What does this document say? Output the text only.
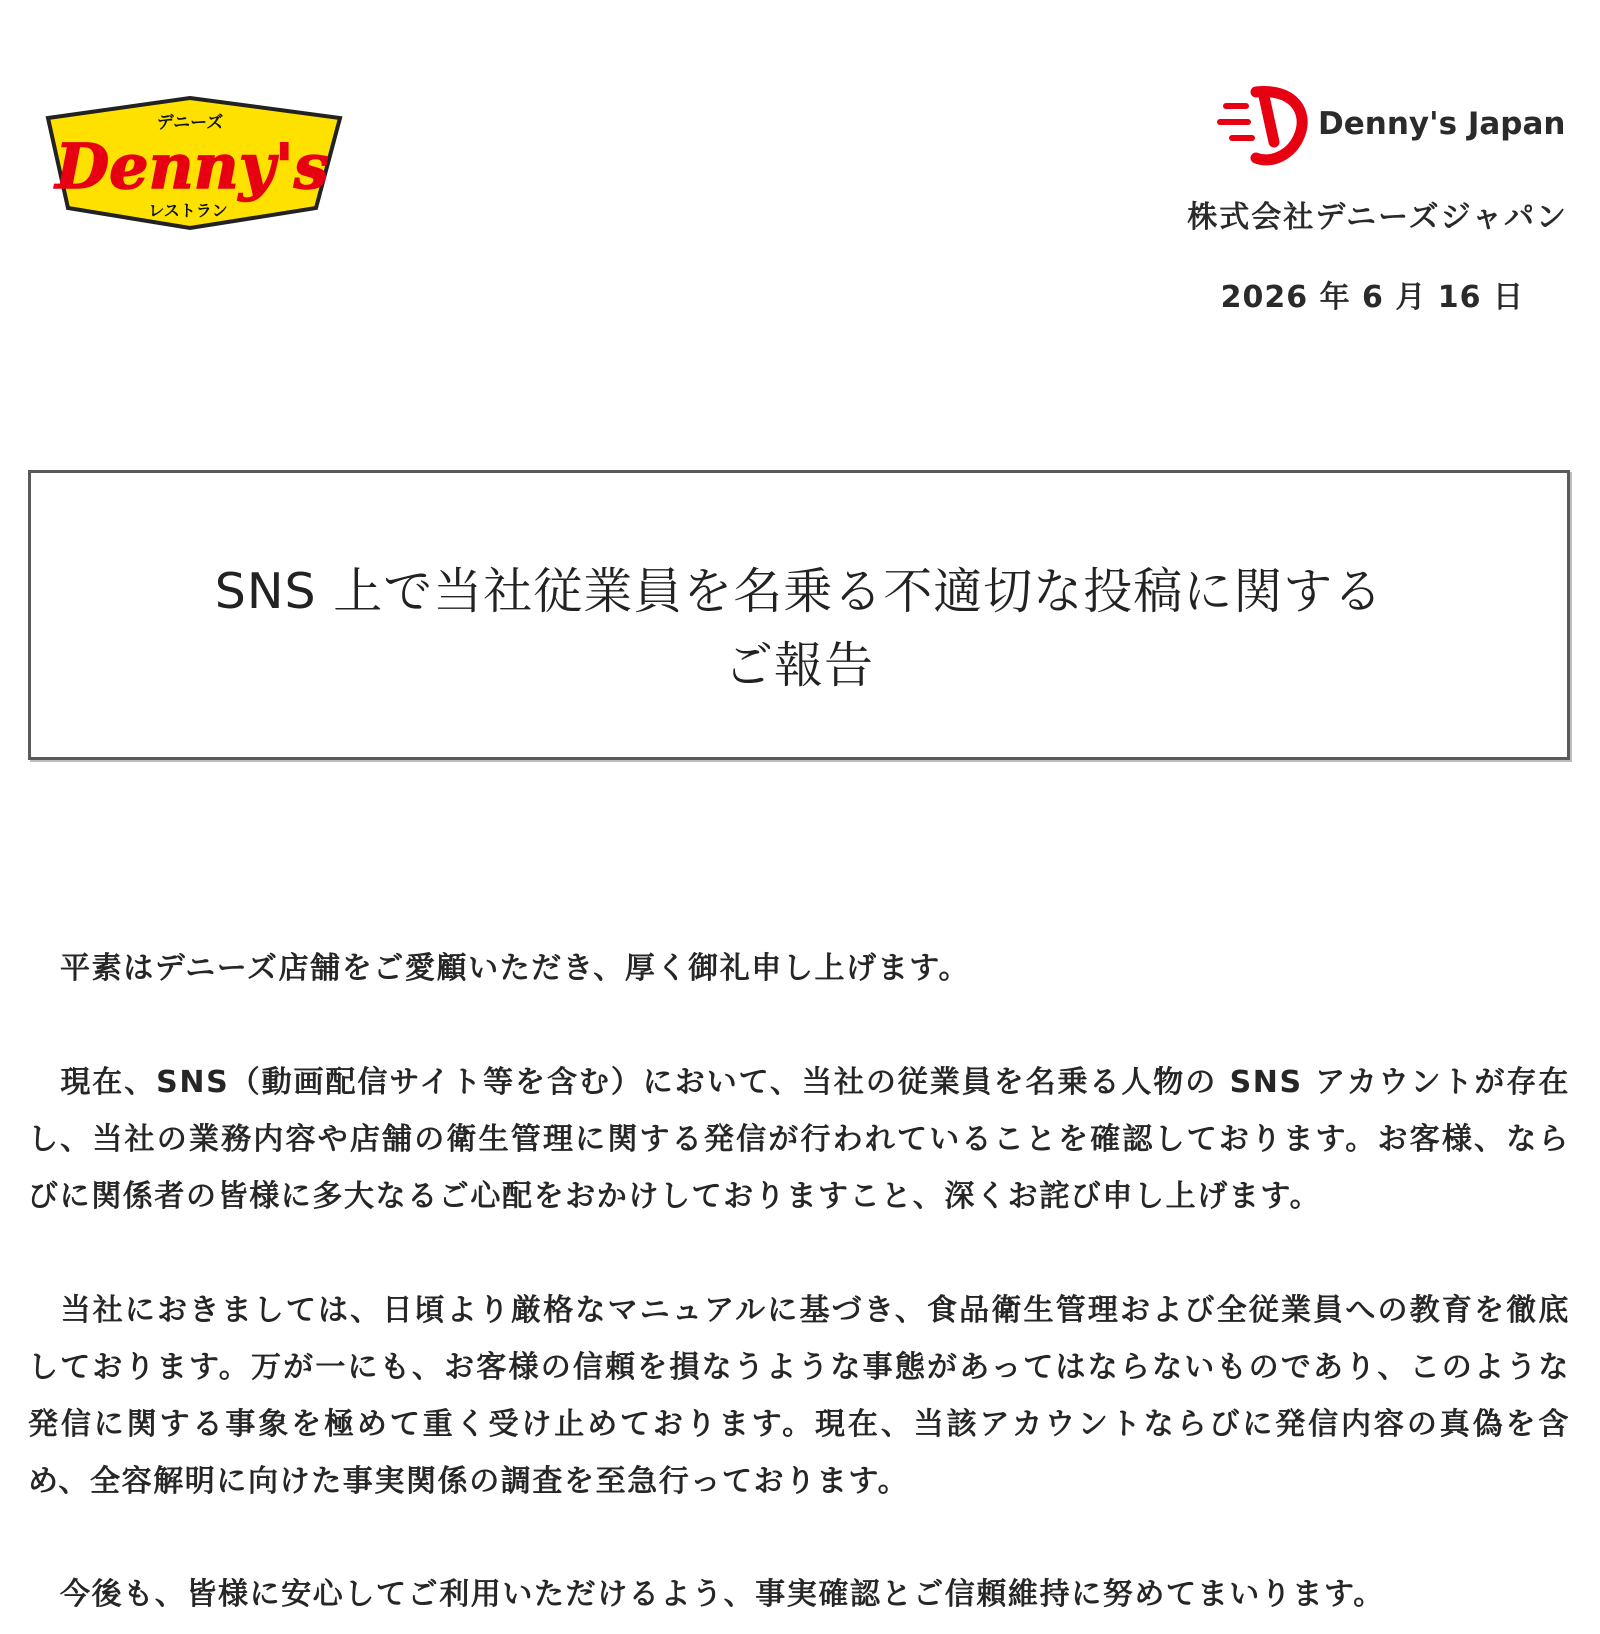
デニーズ
Denny's
レストラン
Denny's Japan
株式会社デニーズジャパン
2026 年 6 月 16 日
SNS 上で当社従業員を名乗る不適切な投稿に関する
ご報告
平素はデニーズ店舗をご愛顧いただき、厚く御礼申し上げます。
現在、SNS（動画配信サイト等を含む）において、当社の従業員を名乗る人物の SNS アカウントが存在し、当社の業務内容や店舗の衛生管理に関する発信が行われていることを確認しております。お客様、ならびに関係者の皆様に多大なるご心配をおかけしておりますこと、深くお詫び申し上げます。
当社におきましては、日頃より厳格なマニュアルに基づき、食品衛生管理および全従業員への教育を徹底しております。万が一にも、お客様の信頼を損なうような事態があってはならないものであり、このような発信に関する事象を極めて重く受け止めております。現在、当該アカウントならびに発信内容の真偽を含め、全容解明に向けた事実関係の調査を至急行っております。
今後も、皆様に安心してご利用いただけるよう、事実確認とご信頼維持に努めてまいります。
